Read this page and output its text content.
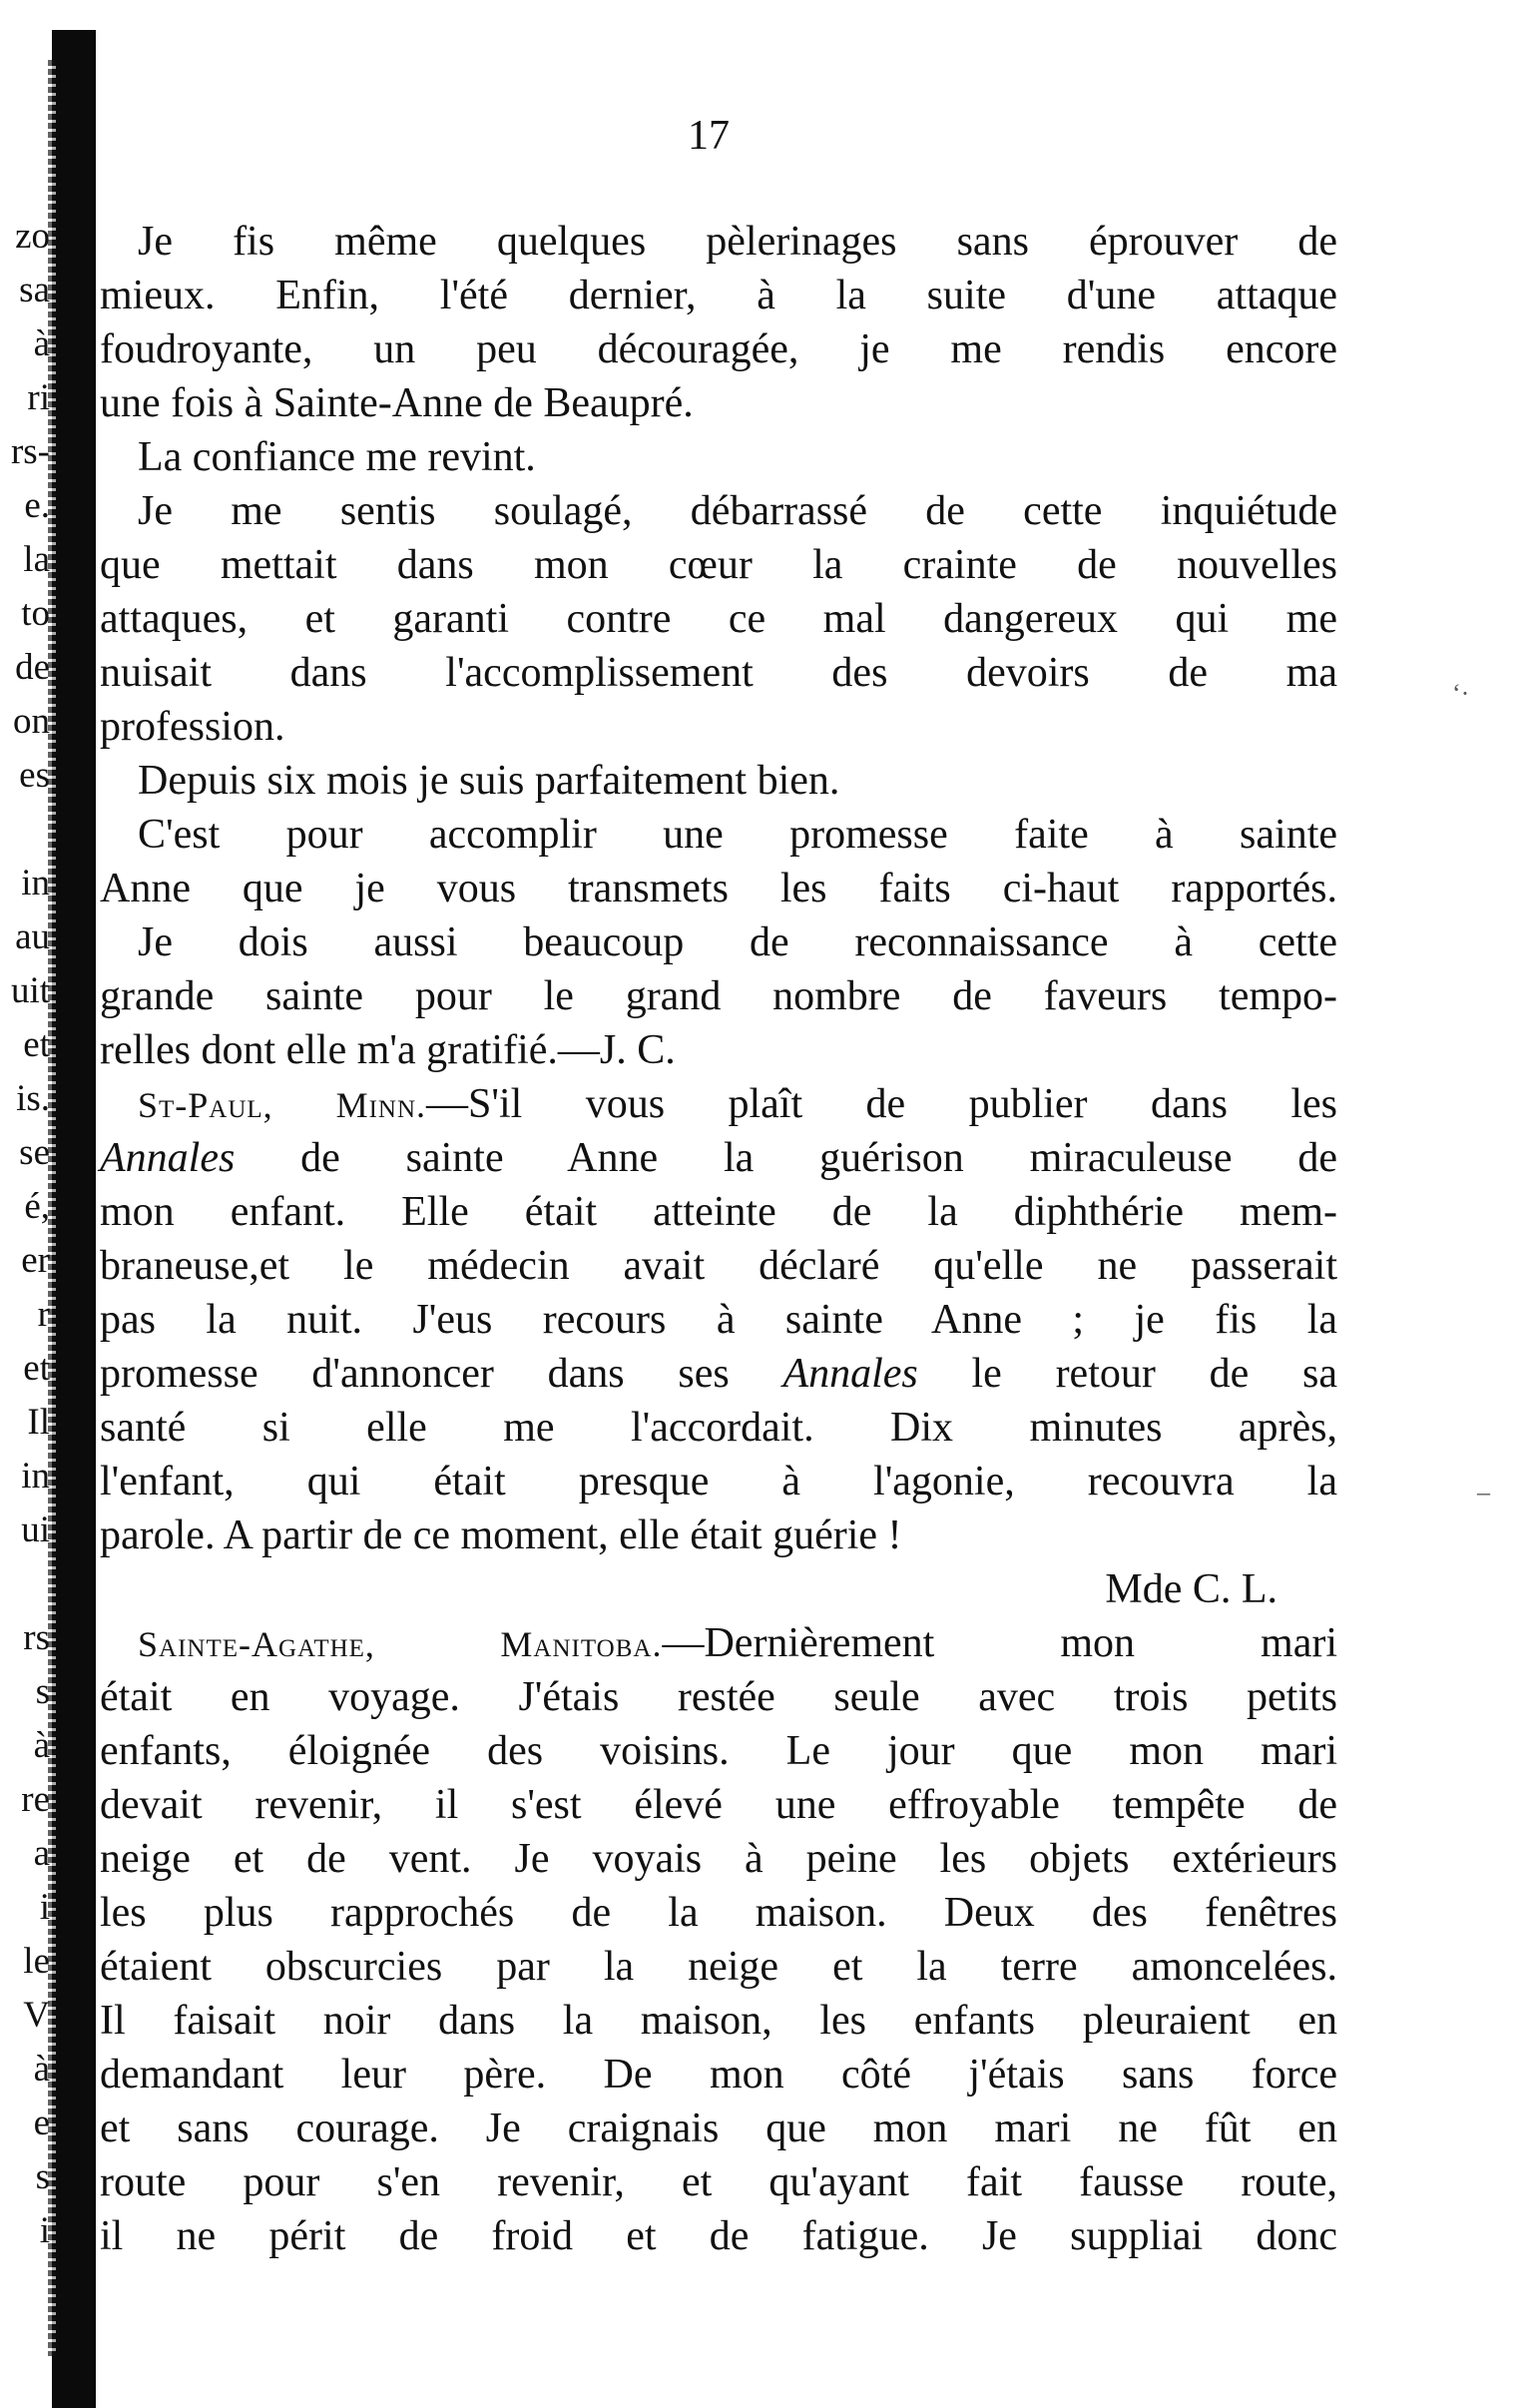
17
zo
sa
à
ri
rs-
e.
la
to
de
on
es
in
au
uit
et
is.
se
é,
er
r
et
Il
in
ui
rs
s
à
re
a
i
le
V
à
e
s
i
Je fis même quelques pèlerinages sans éprouver de
mieux. Enfin, l'été dernier, à la suite d'une attaque
foudroyante, un peu découragée, je me rendis encore
une fois à Sainte-Anne de Beaupré.
La confiance me revint.
Je me sentis soulagé, débarrassé de cette inquiétude
que mettait dans mon cœur la crainte de nouvelles
attaques, et garanti contre ce mal dangereux qui me
nuisait dans l'accomplissement des devoirs de ma
profession.
Depuis six mois je suis parfaitement bien.
C'est pour accomplir une promesse faite à sainte
Anne que je vous transmets les faits ci-haut rapportés.
Je dois aussi beaucoup de reconnaissance à cette
grande sainte pour le grand nombre de faveurs tempo-
relles dont elle m'a gratifié.—J. C.
St-Paul, Minn.—S'il vous plaît de publier dans les
Annales de sainte Anne la guérison miraculeuse de
mon enfant. Elle était atteinte de la diphthérie mem-
braneuse,et le médecin avait déclaré qu'elle ne passerait
pas la nuit. J'eus recours à sainte Anne ; je fis la
promesse d'annoncer dans ses Annales le retour de sa
santé si elle me l'accordait. Dix minutes après,
l'enfant, qui était presque à l'agonie, recouvra la
parole. A partir de ce moment, elle était guérie !
Mde C. L.
Sainte-Agathe, Manitoba.—Dernièrement mon mari
était en voyage. J'étais restée seule avec trois petits
enfants, éloignée des voisins. Le jour que mon mari
devait revenir, il s'est élevé une effroyable tempête de
neige et de vent. Je voyais à peine les objets extérieurs
les plus rapprochés de la maison. Deux des fenêtres
étaient obscurcies par la neige et la terre amoncelées.
Il faisait noir dans la maison, les enfants pleuraient en
demandant leur père. De mon côté j'étais sans force
et sans courage. Je craignais que mon mari ne fût en
route pour s'en revenir, et qu'ayant fait fausse route,
il ne périt de froid et de fatigue. Je suppliai donc
‘·
–
